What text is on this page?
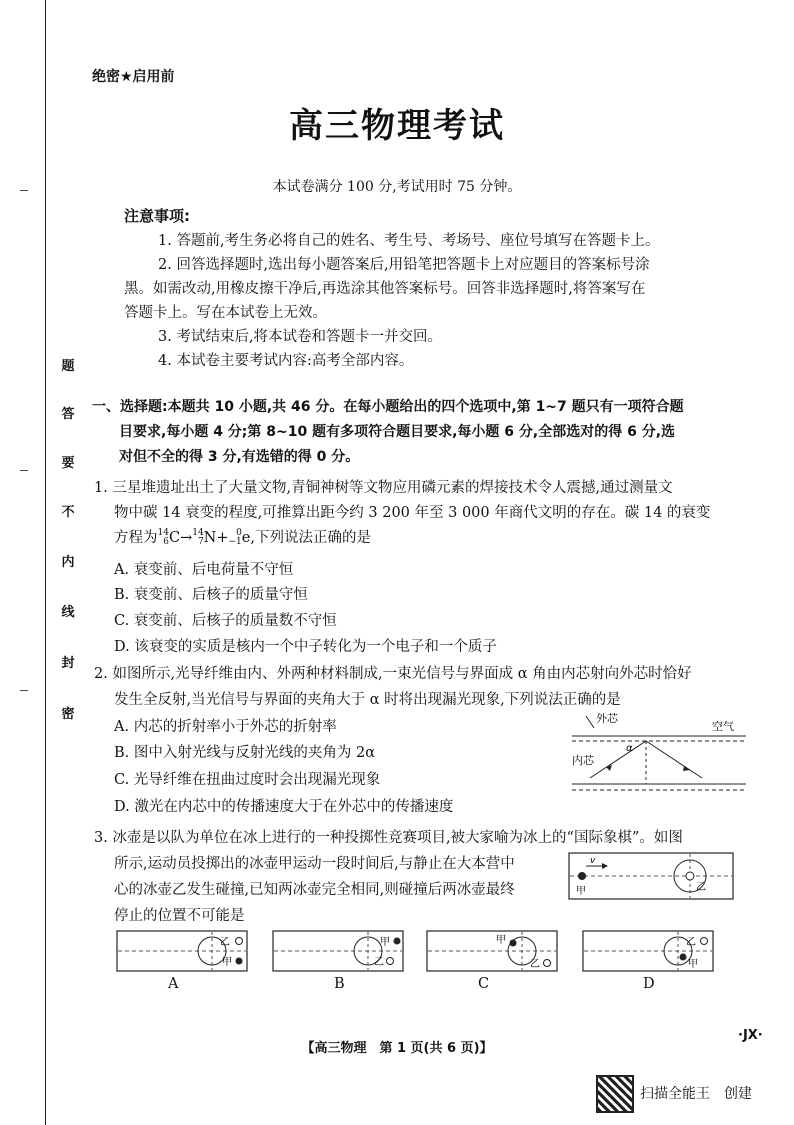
题
答
要
不
内
线
封
密
绝密★启用前
高三物理考试
本试卷满分 100 分,考试用时 75 分钟。
注意事项:
1. 答题前,考生务必将自己的姓名、考生号、考场号、座位号填写在答题卡上。
2. 回答选择题时,选出每小题答案后,用铅笔把答题卡上对应题目的答案标号涂
黑。如需改动,用橡皮擦干净后,再选涂其他答案标号。回答非选择题时,将答案写在
答题卡上。写在本试卷上无效。
3. 考试结束后,将本试卷和答题卡一并交回。
4. 本试卷主要考试内容:高考全部内容。
一、选择题:本题共 10 小题,共 46 分。在每小题给出的四个选项中,第 1~7 题只有一项符合题
目要求,每小题 4 分;第 8~10 题有多项符合题目要求,每小题 6 分,全部选对的得 6 分,选
对但不全的得 3 分,有选错的得 0 分。
1. 三星堆遗址出土了大量文物,青铜神树等文物应用磷元素的焊接技术令人震撼,通过测量文
物中碳 14 衰变的程度,可推算出距今约 3 200 年至 3 000 年商代文明的存在。碳 14 的衰变
方程为 14
6 C→ 14
7 N+ 0
−1 e,下列说法正确的是
A. 衰变前、后电荷量不守恒
B. 衰变前、后核子的质量守恒
C. 衰变前、后核子的质量数不守恒
D. 该衰变的实质是核内一个中子转化为一个电子和一个质子
2. 如图所示,光导纤维由内、外两种材料制成,一束光信号与界面成 α 角由内芯射向外芯时恰好
发生全反射,当光信号与界面的夹角大于 α 时将出现漏光现象,下列说法正确的是
A. 内芯的折射率小于外芯的折射率
B. 图中入射光线与反射光线的夹角为 2α
C. 光导纤维在扭曲过度时会出现漏光现象
D. 激光在内芯中的传播速度大于在外芯中的传播速度
外芯
空气
内芯
α
3. 冰壶是以队为单位在冰上进行的一种投掷性竞赛项目,被大家喻为冰上的“国际象棋”。如图
所示,运动员投掷出的冰壶甲运动一段时间后,与静止在大本营中
心的冰壶乙发生碰撞,已知两冰壶完全相同,则碰撞后两冰壶最终
停止的位置不可能是
v
甲	乙
乙
甲
甲
乙
甲
乙
乙
甲
A	B	C	D
【高三物理　第 1 页(共 6 页)】
·JX·
扫描全能王　创建
